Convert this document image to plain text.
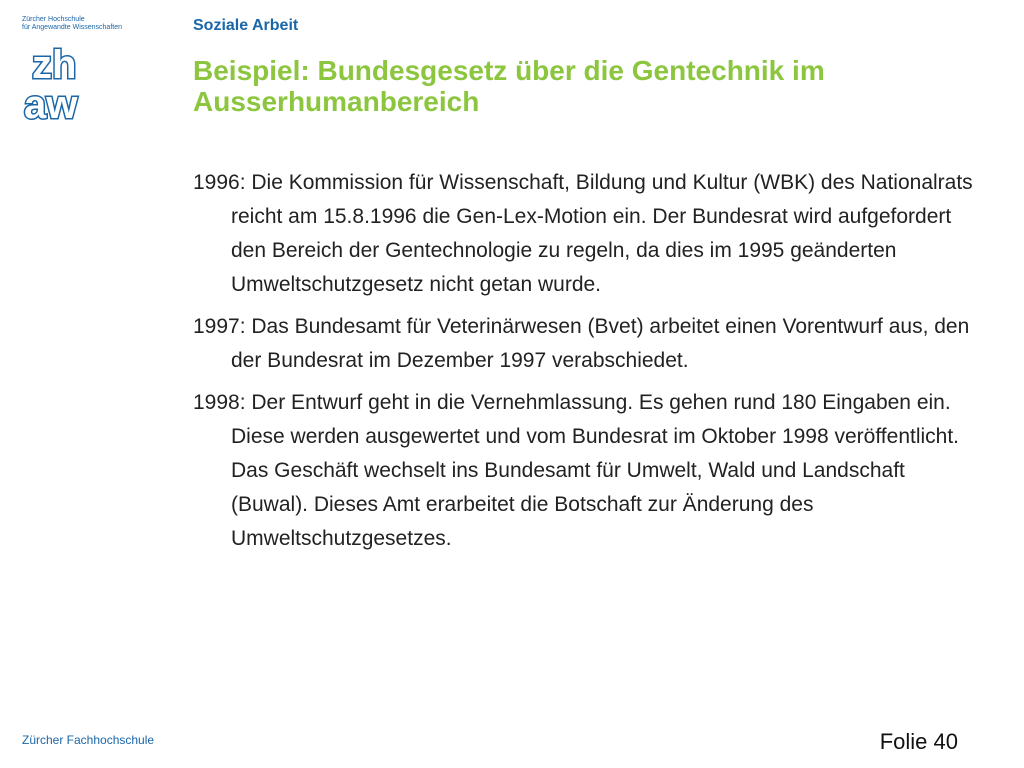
Zürcher Hochschule
für Angewandte Wissenschaften
zh
aw
Soziale Arbeit
Beispiel: Bundesgesetz über die Gentechnik im Ausserhumanbereich

1996: Die Kommission für Wissenschaft, Bildung und Kultur (WBK) des Nationalrats reicht am 15.8.1996 die Gen-Lex-Motion ein. Der Bundesrat wird aufgefordert den Bereich der Gentechnologie zu regeln, da dies im 1995 geänderten Umweltschutzgesetz nicht getan wurde.

1997: Das Bundesamt für Veterinärwesen (Bvet) arbeitet einen Vorentwurf aus, den der Bundesrat im Dezember 1997 verabschiedet.

1998: Der Entwurf geht in die Vernehmlassung. Es gehen rund 180 Eingaben ein. Diese werden ausgewertet und vom Bundesrat im Oktober 1998 veröffentlicht. Das Geschäft wechselt ins Bundesamt für Umwelt, Wald und Landschaft (Buwal). Dieses Amt erarbeitet die Botschaft zur Änderung des Umweltschutzgesetzes.

Zürcher Fachhochschule	Folie 40
